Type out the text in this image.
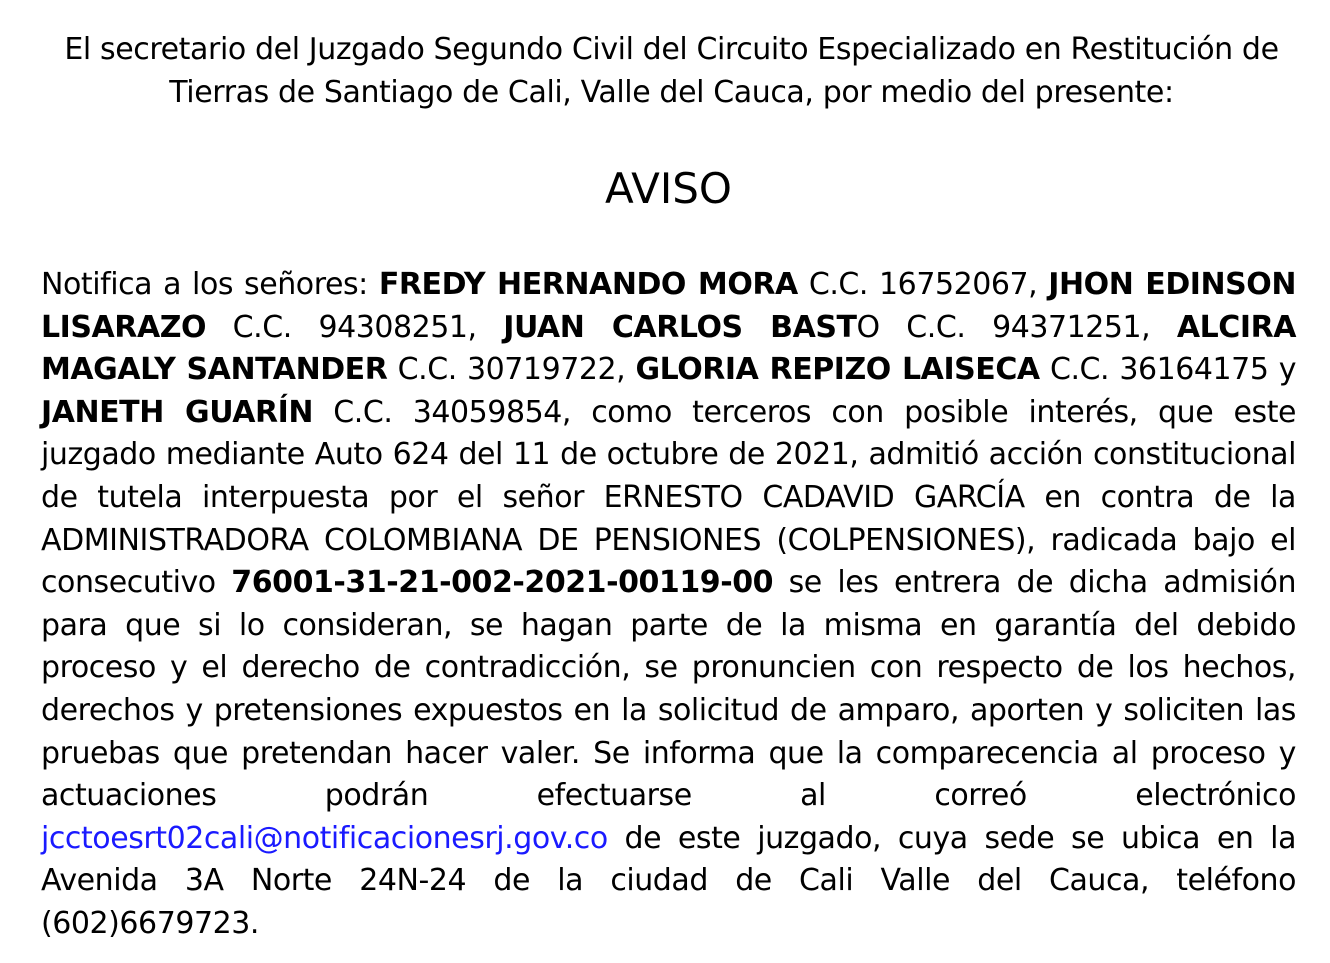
El secretario del Juzgado Segundo Civil del Circuito Especializado en Restitución de Tierras de Santiago de Cali, Valle del Cauca, por medio del presente:
AVISO
Notifica a los señores: FREDY HERNANDO MORA C.C. 16752067, JHON EDINSON LISARAZO C.C. 94308251, JUAN CARLOS BASTO C.C. 94371251, ALCIRA MAGALY SANTANDER C.C. 30719722, GLORIA REPIZO LAISECA C.C. 36164175 y JANETH GUARÍN C.C. 34059854, como terceros con posible interés, que este juzgado mediante Auto 624 del 11 de octubre de 2021, admitió acción constitucional de tutela interpuesta por el señor ERNESTO CADAVID GARCÍA en contra de la ADMINISTRADORA COLOMBIANA DE PENSIONES (COLPENSIONES), radicada bajo el consecutivo 76001-31-21-002-2021-00119-00 se les entrera de dicha admisión para que si lo consideran, se hagan parte de la misma en garantía del debido proceso y el derecho de contradicción, se pronuncien con respecto de los hechos, derechos y pretensiones expuestos en la solicitud de amparo, aporten y soliciten las pruebas que pretendan hacer valer. Se informa que la comparecencia al proceso y actuaciones podrán efectuarse al correó electrónico jcctoesrt02cali@notificacionesrj.gov.co de este juzgado, cuya sede se ubica en la Avenida 3A Norte 24N-24 de la ciudad de Cali Valle del Cauca, teléfono (602)6679723.
